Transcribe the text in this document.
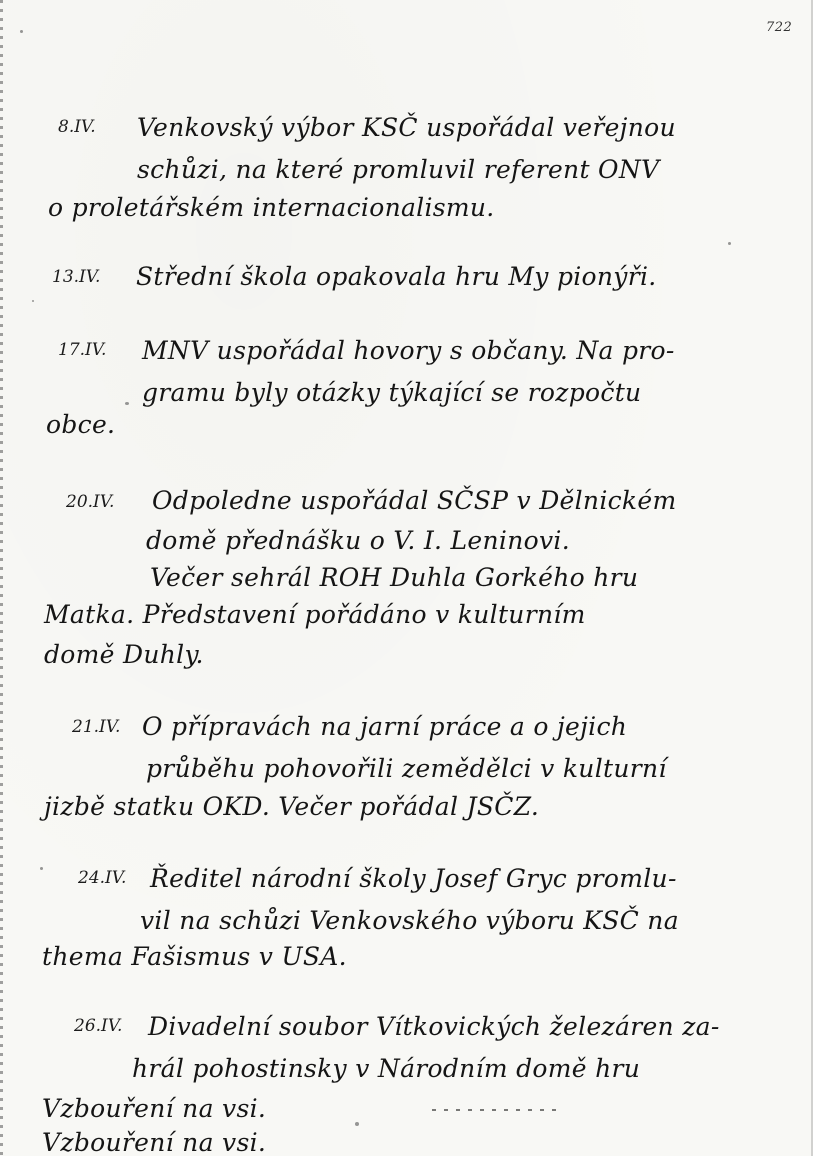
722
8.IV. Venkovský výbor KSČ uspořádal veřejnou
schůzi, na které promluvil referent ONV
o proletářském internacionalismu.
13.IV. Střední škola opakovala hru My pionýři.
17.IV. MNV uspořádal hovory s občany. Na pro-
gramu byly otázky týkající se rozpočtu
obce.
20.IV. Odpoledne uspořádal SČSP v Dělnickém
domě přednášku o V. I. Leninovi.
Večer sehrál ROH Duhla Gorkého hru
Matka. Představení pořádáno v kulturním
domě Duhly.
21.IV. O přípravách na jarní práce a o jejich
průběhu pohovořili zemědělci v kulturní
jizbě statku OKD. Večer pořádal JSČZ.
24.IV. Ředitel národní školy Josef Gryc promlu-
vil na schůzi Venkovského výboru KSČ na
thema Fašismus v USA.
26.IV. Divadelní soubor Vítkovických železáren za-
hrál pohostinsky v Národním domě hru
Vzbouření na vsi.
Vzbouření na vsi.
